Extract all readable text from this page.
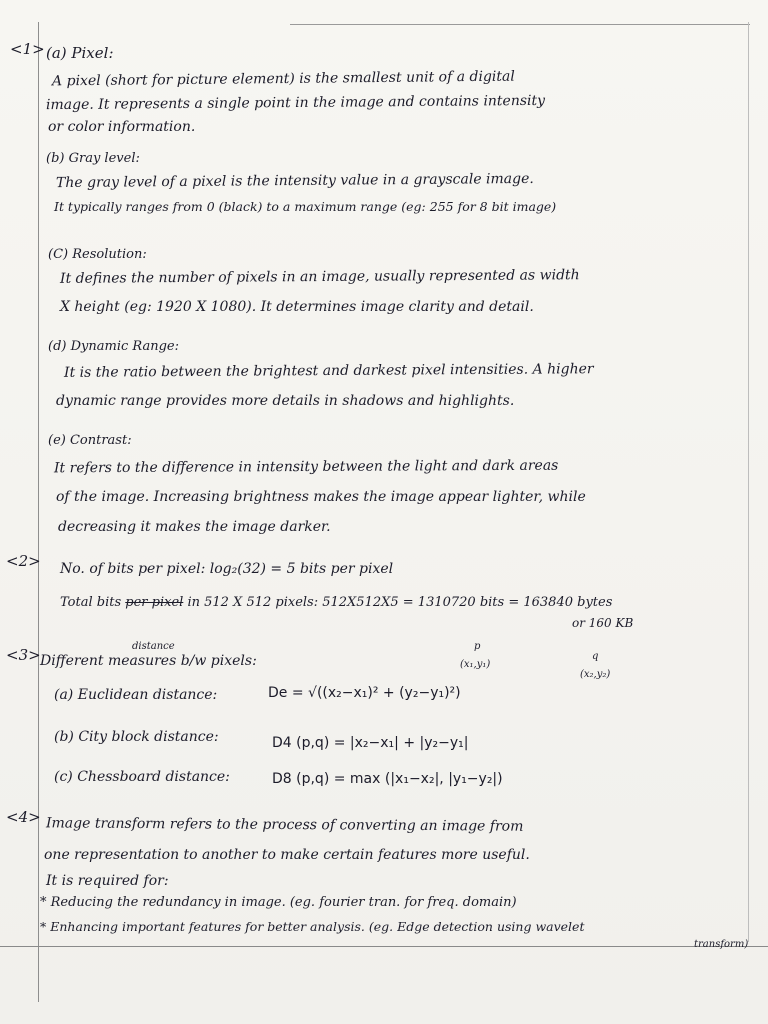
<1> (a) Pixel:
A pixel (short for picture element) is the smallest unit of a digital
image. It represents a single point in the image and contains intensity
or color information.
(b) Gray level:
The gray level of a pixel is the intensity value in a grayscale image.
It typically ranges from 0 (black) to a maximum range (eg: 255 for 8 bit image)
(C) Resolution:
It defines the number of pixels in an image, usually represented as width
X height (eg: 1920 X 1080). It determines image clarity and detail.
(d) Dynamic Range:
It is the ratio between the brightest and darkest pixel intensities. A higher
dynamic range provides more details in shadows and highlights.
(e) Contrast:
It refers to the difference in intensity between the light and dark areas
of the image. Increasing brightness makes the image appear lighter, while
decreasing it makes the image darker.
<2> No. of bits per pixel: log₂(32) = 5 bits per pixel
Total bits per pixel in 512 X 512 pixels: 512X512X5 = 1310720 bits = 163840 bytes
or 160 KB
<3>	distance
Different measures b/w pixels:
p
(x₁,y₁)
q
(x₂,y₂)
(a) Euclidean distance:	De = √((x₂−x₁)² + (y₂−y₁)²)
(b) City block distance:	D4 (p,q) = |x₂−x₁| + |y₂−y₁|
(c) Chessboard distance:	D8 (p,q) = max (|x₁−x₂|, |y₁−y₂|)
<4> Image transform refers to the process of converting an image from
one representation to another to make certain features more useful.
It is required for:
* Reducing the redundancy in image. (eg. fourier tran. for freq. domain)
* Enhancing important features for better analysis. (eg. Edge detection using wavelet
transform)
